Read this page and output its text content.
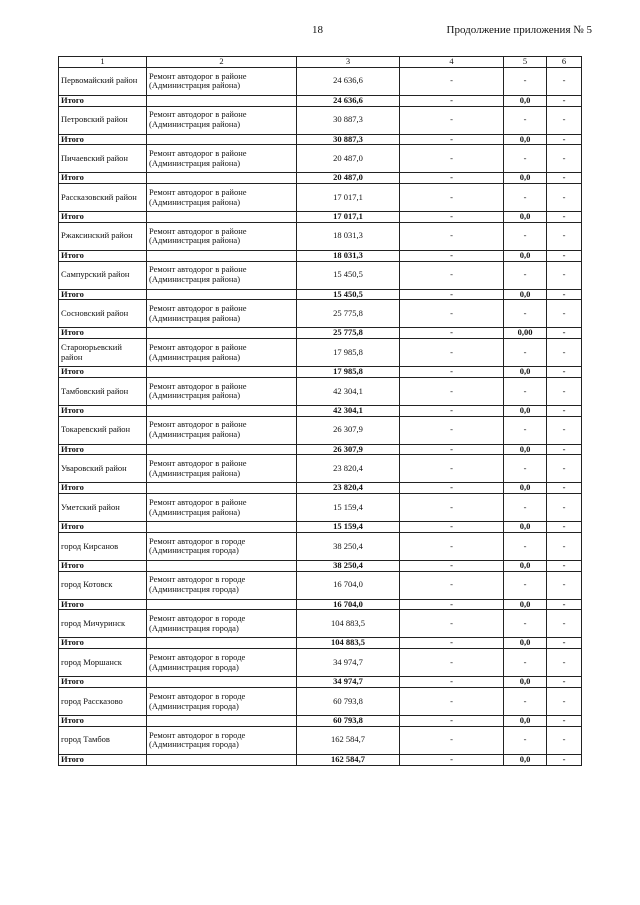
18	Продолжение приложения № 5
1	2	3	4	5	6
Первомайский район	Ремонт автодорог в районе (Администрация района)	24 636,6	-	-	-
Итого		24 636,6	-	0,0	-
Петровский район	Ремонт автодорог в районе (Администрация района)	30 887,3	-	-	-
Итого		30 887,3	-	0,0	-
Пичаевский район	Ремонт автодорог в районе (Администрация района)	20 487,0	-	-	-
Итого		20 487,0	-	0,0	-
Рассказовский район	Ремонт автодорог в районе (Администрация района)	17 017,1	-	-	-
Итого		17 017,1	-	0,0	-
Ржаксинский район	Ремонт автодорог в районе (Администрация района)	18 031,3	-	-	-
Итого		18 031,3	-	0,0	-
Сампурский район	Ремонт автодорог в районе (Администрация района)	15 450,5	-	-	-
Итого		15 450,5	-	0,0	-
Сосновский район	Ремонт автодорог в районе (Администрация района)	25 775,8	-	-	-
Итого		25 775,8	-	0,00	-
Староюрьевский район	Ремонт автодорог в районе (Администрация района)	17 985,8	-	-	-
Итого		17 985,8	-	0,0	-
Тамбовский район	Ремонт автодорог в районе (Администрация района)	42 304,1	-	-	-
Итого		42 304,1	-	0,0	-
Токаревский район	Ремонт автодорог в районе (Администрация района)	26 307,9	-	-	-
Итого		26 307,9	-	0,0	-
Уваровский район	Ремонт автодорог в районе (Администрация района)	23 820,4	-	-	-
Итого		23 820,4	-	0,0	-
Уметский район	Ремонт автодорог в районе (Администрация района)	15 159,4	-	-	-
Итого		15 159,4	-	0,0	-
город Кирсанов	Ремонт автодорог в городе (Администрация города)	38 250,4	-	-	-
Итого		38 250,4	-	0,0	-
город Котовск	Ремонт автодорог в городе (Администрация города)	16 704,0	-	-	-
Итого		16 704,0	-	0,0	-
город Мичуринск	Ремонт автодорог в городе (Администрация города)	104 883,5	-	-	-
Итого		104 883,5	-	0,0	-
город Моршанск	Ремонт автодорог в городе (Администрация города)	34 974,7	-	-	-
Итого		34 974,7	-	0,0	-
город Рассказово	Ремонт автодорог в городе (Администрация города)	60 793,8	-	-	-
Итого		60 793,8	-	0,0	-
город Тамбов	Ремонт автодорог в городе (Администрация города)	162 584,7	-	-	-
Итого		162 584,7	-	0,0	-
